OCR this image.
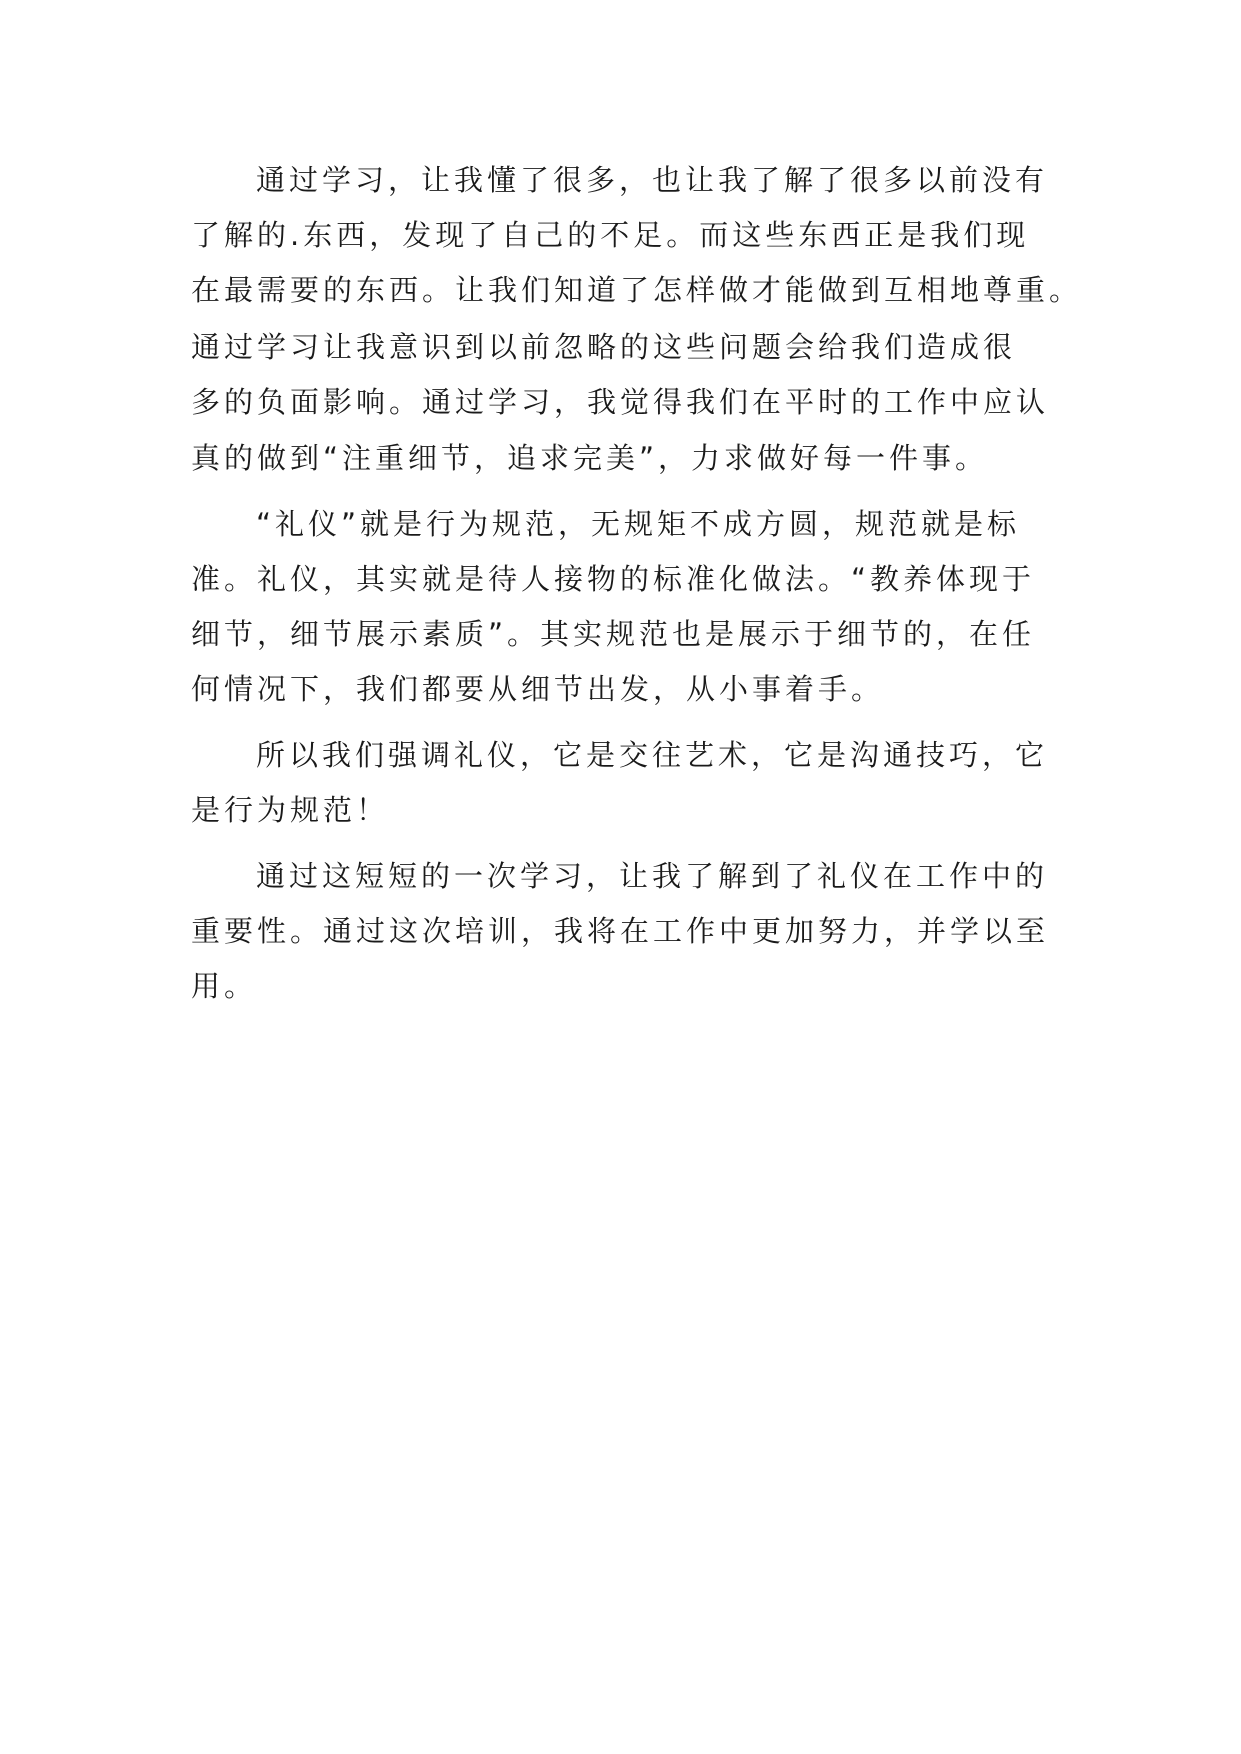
通过学习，让我懂了很多，也让我了解了很多以前没有
了解的.东西，发现了自己的不足。而这些东西正是我们现
在最需要的东西。让我们知道了怎样做才能做到互相地尊重。
通过学习让我意识到以前忽略的这些问题会给我们造成很
多的负面影响。通过学习，我觉得我们在平时的工作中应认
真的做到“注重细节，追求完美”，力求做好每一件事。
“礼仪”就是行为规范，无规矩不成方圆，规范就是标
准。礼仪，其实就是待人接物的标准化做法。“教养体现于
细节，细节展示素质”。其实规范也是展示于细节的，在任
何情况下，我们都要从细节出发，从小事着手。
所以我们强调礼仪，它是交往艺术，它是沟通技巧，它
是行为规范！
通过这短短的一次学习，让我了解到了礼仪在工作中的
重要性。通过这次培训，我将在工作中更加努力，并学以至
用。
